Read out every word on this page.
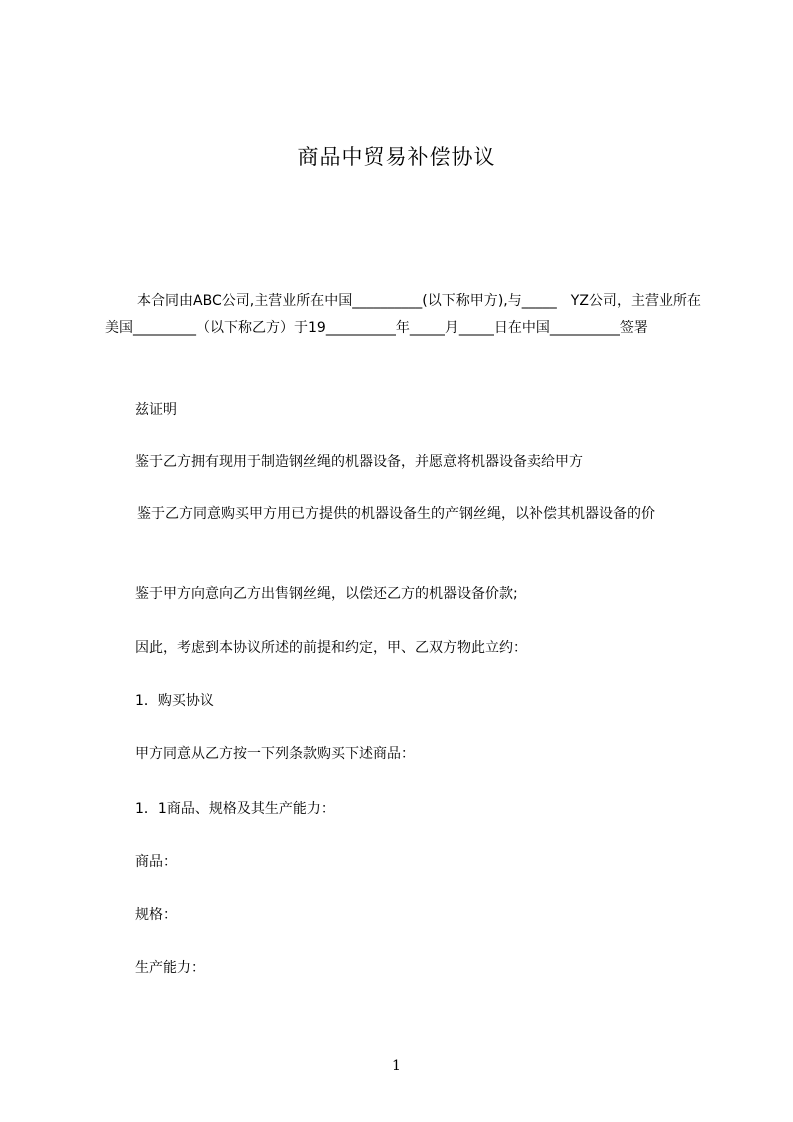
商品中贸易补偿协议

本合同由ABC公司,主营业所在中国__________(以下称甲方),与_____　YZ公司，主营业所在美国_________（以下称乙方）于19__________年_____月_____日在中国__________签署

兹证明

鉴于乙方拥有现用于制造钢丝绳的机器设备，并愿意将机器设备卖给甲方

鉴于乙方同意购买甲方用已方提供的机器设备生的产钢丝绳，以补偿其机器设备的价

鉴于甲方向意向乙方出售钢丝绳，以偿还乙方的机器设备价款;

因此，考虑到本协议所述的前提和约定，甲、乙双方物此立约：

1．购买协议

甲方同意从乙方按一下列条款购买下述商品：

1．1商品、规格及其生产能力：

商品：

规格：

生产能力：

1
